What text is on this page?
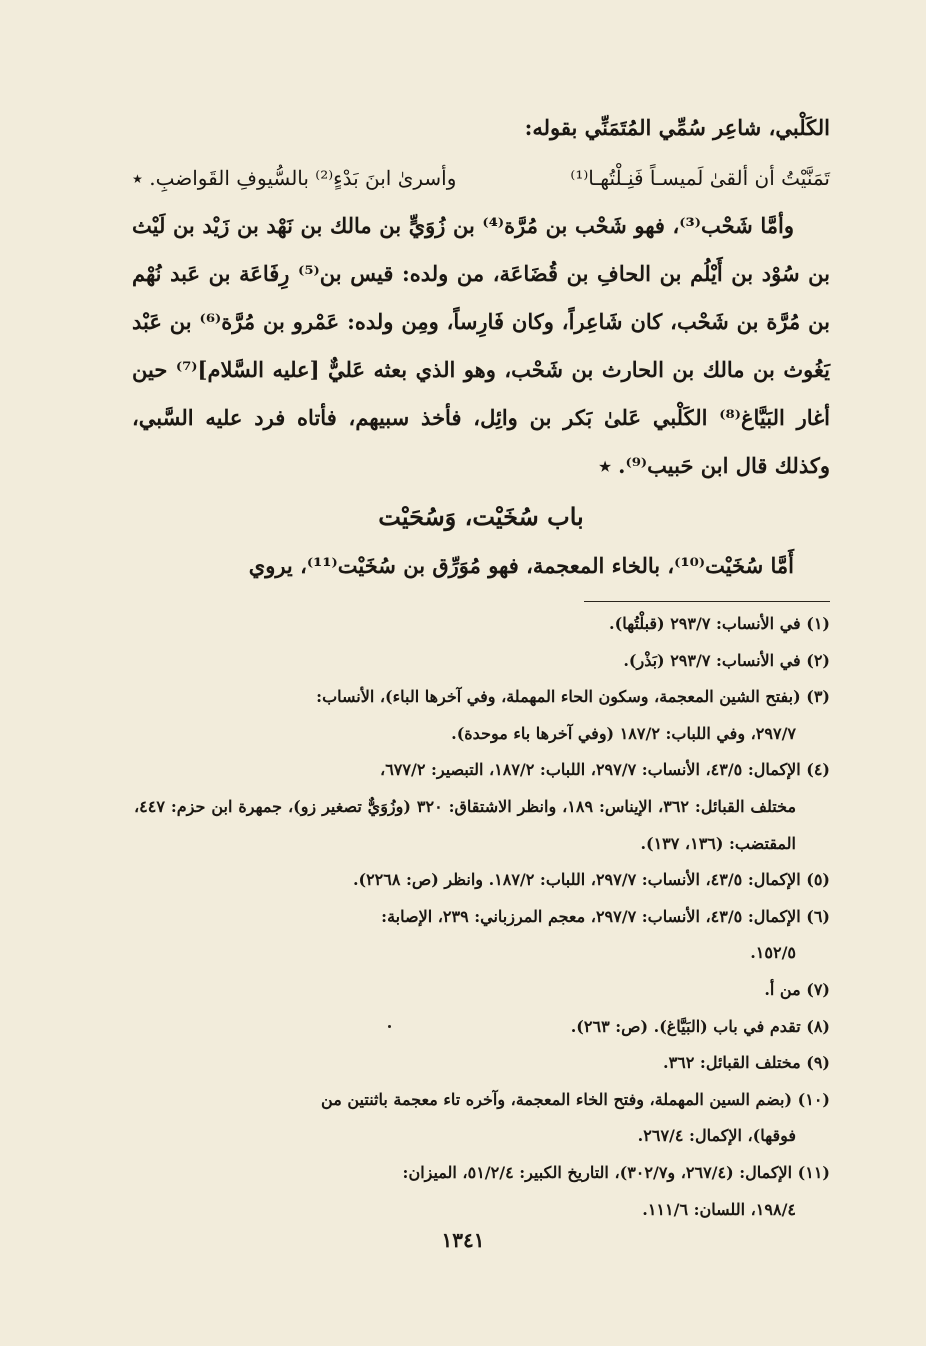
الكَلْبي، شاعِر سُمِّي المُتَمَنِّي بقوله:

تَمَنَّيْتُ أن ألقىٰ لَميسـاً فَنِـلْتُهـا⁽¹⁾
وأسرىٰ ابنَ بَدْءٍ⁽²⁾ بالسُّيوفِ القَواضبِ. ٭

وأمَّا شَحْب⁽³⁾، فهو شَحْب بن مُرَّة⁽⁴⁾ بن زُوَيٍّ بن مالك بن نَهْد بن زَيْد بن لَيْث بن سُوْد بن أَيْلُم بن الحافِ بن قُضَاعَة، من ولده: قيس بن⁽⁵⁾ رِفَاعَة بن عَبد نُهْم بن مُرَّة بن شَحْب، كان شَاعِراً، وكان فَارِساً، ومِن ولده: عَمْرو بن مُرَّة⁽⁶⁾ بن عَبْد يَغُوث بن مالك بن الحارث بن شَحْب، وهو الذي بعثه عَليٌّ [عليه السَّلام]⁽⁷⁾ حين أغار البَيَّاغ⁽⁸⁾ الكَلْبي عَلىٰ بَكر بن وائِل، فأخذ سبيهم، فأتاه فرد عليه السَّبي، وكذلك قال ابن حَبيب⁽⁹⁾. ٭

باب سُخَيْت، وَسُحَيْت

أَمَّا سُخَيْت⁽¹⁰⁾، بالخاء المعجمة، فهو مُوَرِّق بن سُخَيْت⁽¹¹⁾، يروي

(١) في الأنساب: ٢٩٣/٧ (قبلْتُها).

(٢) في الأنساب: ٢٩٣/٧ (بَذْر).

(٣) (بفتح الشين المعجمة، وسكون الحاء المهملة، وفي آخرها الباء)، الأنساب:
٢٩٧/٧، وفي اللباب: ١٨٧/٢ (وفي آخرها باء موحدة).

(٤) الإكمال: ٤٣/٥، الأنساب: ٢٩٧/٧، اللباب: ١٨٧/٢، التبصير: ٦٧٧/٢،
مختلف القبائل: ٣٦٢، الإيناس: ١٨٩، وانظر الاشتقاق: ٣٢٠ (وزُوَيٌّ تصغير زو)، جمهرة ابن حزم: ٤٤٧، المقتضب: (١٣٦، ١٣٧).

(٥) الإكمال: ٤٣/٥، الأنساب: ٢٩٧/٧، اللباب: ١٨٧/٢. وانظر (ص: ٢٢٦٨).

(٦) الإكمال: ٤٣/٥، الأنساب: ٢٩٧/٧، معجم المرزباني: ٢٣٩، الإصابة:
١٥٢/٥.

(٧) من أ.

(٨) تقدم في باب (البَيَّاغ). (ص: ٢٦٣).

(٩) مختلف القبائل: ٣٦٢.

(١٠) (بضم السين المهملة، وفتح الخاء المعجمة، وآخره تاء معجمة باثنتين من
فوقها)، الإكمال: ٢٦٧/٤.

(١١) الإكمال: (٢٦٧/٤، و٣٠٢/٧)، التاريخ الكبير: ٥١/٢/٤، الميزان:
١٩٨/٤، اللسان: ١١١/٦.

١٣٤١
